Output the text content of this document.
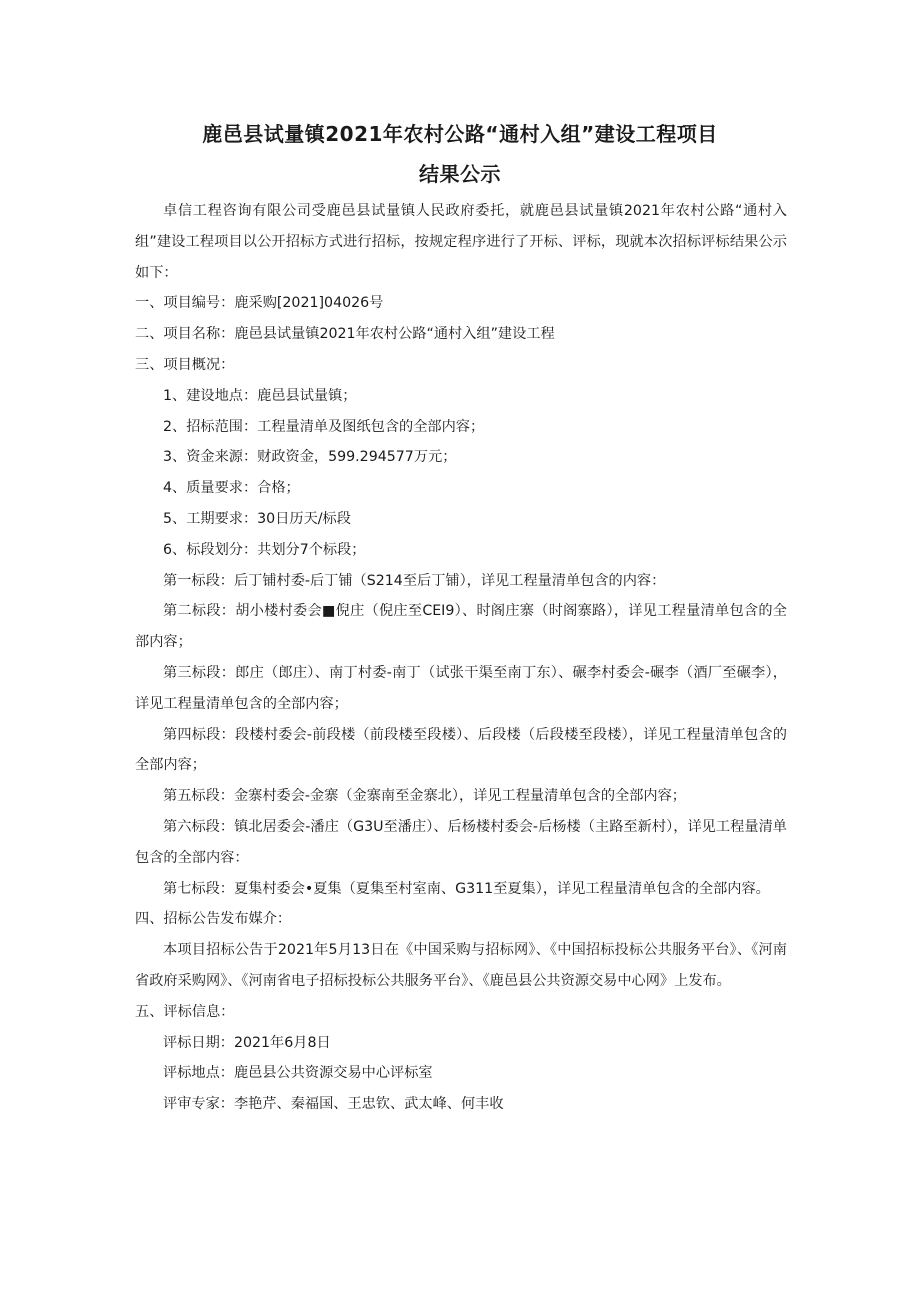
鹿邑县试量镇2021年农村公路“通村入组”建设工程项目
结果公示

卓信工程咨询有限公司受鹿邑县试量镇人民政府委托，就鹿邑县试量镇2021年农村公路“通村入组”建设工程项目以公开招标方式进行招标，按规定程序进行了开标、评标，现就本次招标评标结果公示如下：

一、项目编号：鹿采购[2021]04026号

二、项目名称：鹿邑县试量镇2021年农村公路“通村入组”建设工程

三、项目概况：

1、建设地点：鹿邑县试量镇；

2、招标范围：工程量清单及图纸包含的全部内容；

3、资金来源：财政资金，599.294577万元；

4、质量要求：合格；

5、工期要求：30日历天/标段

6、标段划分：共划分7个标段；

第一标段：后丁铺村委-后丁铺（S214至后丁铺），详见工程量清单包含的内容：

第二标段：胡小楼村委会■倪庄（倪庄至CEI9）、时阁庄寨（时阁寨路），详见工程量清单包含的全部内容；

第三标段：郎庄（郎庄）、南丁村委-南丁（试张干渠至南丁东）、碾李村委会-碾李（酒厂至碾李），详见工程量清单包含的全部内容；

第四标段：段楼村委会-前段楼（前段楼至段楼）、后段楼（后段楼至段楼），详见工程量清单包含的全部内容；

第五标段：金寨村委会-金寨（金寨南至金寨北），详见工程量清单包含的全部内容；

第六标段：镇北居委会-潘庄（G3U至潘庄）、后杨楼村委会-后杨楼（主路至新村），详见工程量清单包含的全部内容：

第七标段：夏集村委会•夏集（夏集至村室南、G311至夏集），详见工程量清单包含的全部内容。

四、招标公告发布媒介：

本项目招标公告于2021年5月13日在《中国采购与招标网》、《中国招标投标公共服务平台》、《河南省政府采购网》、《河南省电子招标投标公共服务平台》、《鹿邑县公共资源交易中心网》上发布。

五、评标信息：

评标日期：2021年6月8日

评标地点：鹿邑县公共资源交易中心评标室

评审专家：李艳芹、秦福国、王忠钦、武太峰、何丰收
